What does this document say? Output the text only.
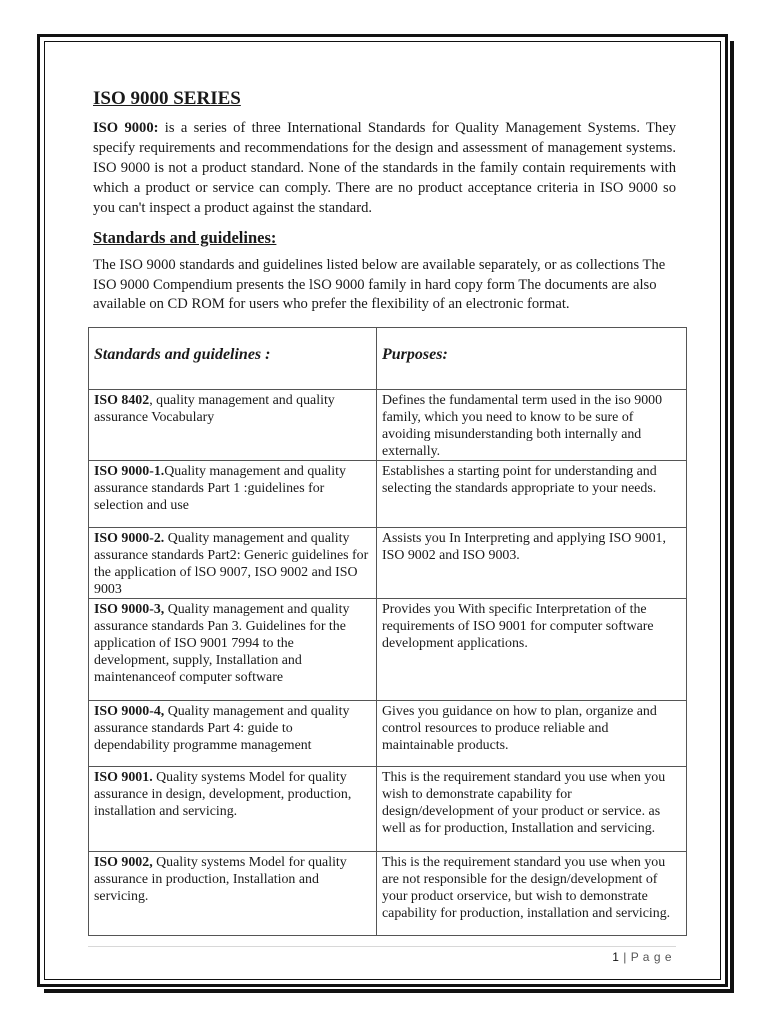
ISO 9000 SERIES

ISO 9000: is a series of three International Standards for Quality Management Systems. They specify requirements and recommendations for the design and assessment of management systems. ISO 9000 is not a product standard. None of the standards in the family contain requirements with which a product or service can comply. There are no product acceptance criteria in ISO 9000 so you can't inspect a product against the standard.

Standards and guidelines:

The ISO 9000 standards and guidelines listed below are available separately, or as collections The ISO 9000 Compendium presents the lSO 9000 family in hard copy form The documents are also available on CD ROM for users who prefer the flexibility of an electronic format.

Standards and guidelines :	Purposes:
ISO 8402, quality management and quality assurance Vocabulary	Defines the fundamental term used in the iso 9000 family, which you need to know to be sure of avoiding misunderstanding both internally and externally.
ISO 9000-1.Quality management and quality assurance standards Part 1 :guidelines for selection and use	Establishes a starting point for understanding and selecting the standards appropriate to your needs.
ISO 9000-2. Quality management and quality assurance standards Part2: Generic guidelines for the application of lSO 9007, ISO 9002 and ISO 9003	Assists you In Interpreting and applying ISO 9001, ISO 9002 and ISO 9003.
ISO 9000-3, Quality management and quality assurance standards Pan 3. Guidelines for the application of ISO 9001 7994 to the development, supply, Installation and maintenanceof computer software	Provides you With specific Interpretation of the requirements of ISO 9001 for computer software development applications.
ISO 9000-4, Quality management and quality assurance standards Part 4: guide to dependability programme management	Gives you guidance on how to plan, organize and control resources to produce reliable and maintainable products.
ISO 9001. Quality systems Model for quality assurance in design, development, production, installation and servicing.	This is the requirement standard you use when you wish to demonstrate capability for design/development of your product or service. as well as for production, Installation and servicing.
ISO 9002, Quality systems Model for quality assurance in production, Installation and servicing.	This is the requirement standard you use when you are not responsible for the design/development of your product orservice, but wish to demonstrate capability for production, installation and servicing.
1 | P a g e
